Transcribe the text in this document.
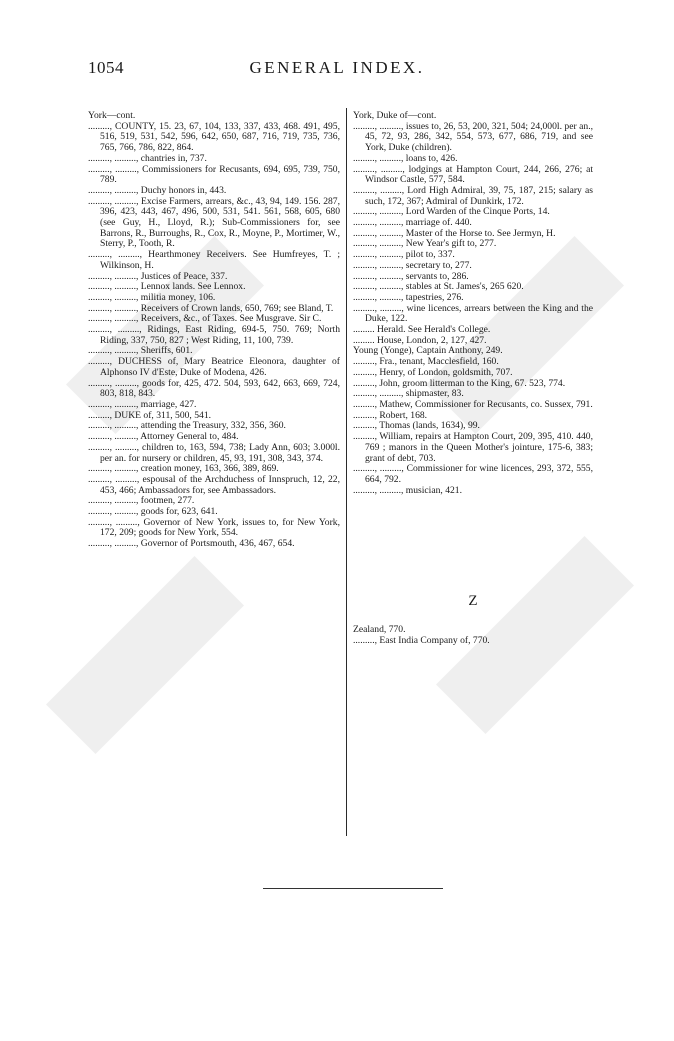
1054	GENERAL INDEX.

York—cont.

........., COUNTY, 15. 23, 67, 104, 133, 337, 433, 468. 491, 495, 516, 519, 531, 542, 596, 642, 650, 687, 716, 719, 735, 736, 765, 766, 786, 822, 864.

........., ........., chantries in, 737.

........., ........., Commissioners for Recusants, 694, 695, 739, 750, 789.

........., ........., Duchy honors in, 443.

........., ........., Excise Farmers, arrears, &c., 43, 94, 149. 156. 287, 396, 423, 443, 467, 496, 500, 531, 541. 561, 568, 605, 680 (see Guy, H., Lloyd, R.); Sub-Commissioners for, see Barrons, R., Burroughs, R., Cox, R., Moyne, P., Mortimer, W., Sterry, P., Tooth, R.

........., ........., Hearthmoney Receivers. See Humfreyes, T. ; Wilkinson, H.

........., ........., Justices of Peace, 337.

........., ........., Lennox lands. See Lennox.

........., ........., militia money, 106.

........., ........., Receivers of Crown lands, 650, 769; see Bland, T.

........., ........., Receivers, &c., of Taxes. See Musgrave. Sir C.

........., ........., Ridings, East Riding, 694-5, 750. 769; North Riding, 337, 750, 827 ; West Riding, 11, 100, 739.

........., ........., Sheriffs, 601.

........., DUCHESS of, Mary Beatrice Eleonora, daughter of Alphonso IV d'Este, Duke of Modena, 426.

........., ........., goods for, 425, 472. 504, 593, 642, 663, 669, 724, 803, 818, 843.

........., ........., marriage, 427.

........., DUKE of, 311, 500, 541.

........., ........., attending the Treasury, 332, 356, 360.

........., ........., Attorney General to, 484.

........., ........., children to, 163, 594, 738; Lady Ann, 603; 3.000l. per an. for nursery or children, 45, 93, 191, 308, 343, 374.

........., ........., creation money, 163, 366, 389, 869.

........., ........., espousal of the Archduchess of Innspruch, 12, 22, 453, 466; Ambassadors for, see Ambassadors.

........., ........., footmen, 277.

........., ........., goods for, 623, 641.

........., ........., Governor of New York, issues to, for New York, 172, 209; goods for New York, 554.

........., ........., Governor of Portsmouth, 436, 467, 654.

York, Duke of—cont.

........., ........., issues to, 26, 53, 200, 321, 504; 24,000l. per an., 45, 72, 93, 286, 342, 554, 573, 677, 686, 719, and see York, Duke (children).

........., ........., loans to, 426.

........., ........., lodgings at Hampton Court, 244, 266, 276; at Windsor Castle, 577, 584.

........., ........., Lord High Admiral, 39, 75, 187, 215; salary as such, 172, 367; Admiral of Dunkirk, 172.

........., ........., Lord Warden of the Cinque Ports, 14.

........., ........., marriage of. 440.

........., ........., Master of the Horse to. See Jermyn, H.

........., ........., New Year's gift to, 277.

........., ........., pilot to, 337.

........., ........., secretary to, 277.

........., ........., servants to, 286.

........., ........., stables at St. James's, 265 620.

........., ........., tapestries, 276.

........., ........., wine licences, arrears between the King and the Duke, 122.

......... Herald. See Herald's College.

......... House, London, 2, 127, 427.

Young (Yonge), Captain Anthony, 249.

........., Fra., tenant, Macclesfield, 160.

........., Henry, of London, goldsmith, 707.

........., John, groom litterman to the King, 67. 523, 774.

........., ........., shipmaster, 83.

........., Mathew, Commissioner for Recusants, co. Sussex, 791.

........., Robert, 168.

........., Thomas (lands, 1634), 99.

........., William, repairs at Hampton Court, 209, 395, 410. 440, 769 ; manors in the Queen Mother's jointure, 175-6, 383; grant of debt, 703.

........., ........., Commissioner for wine licences, 293, 372, 555, 664, 792.

........., ........., musician, 421.

Z

Zealand, 770.

........., East India Company of, 770.
